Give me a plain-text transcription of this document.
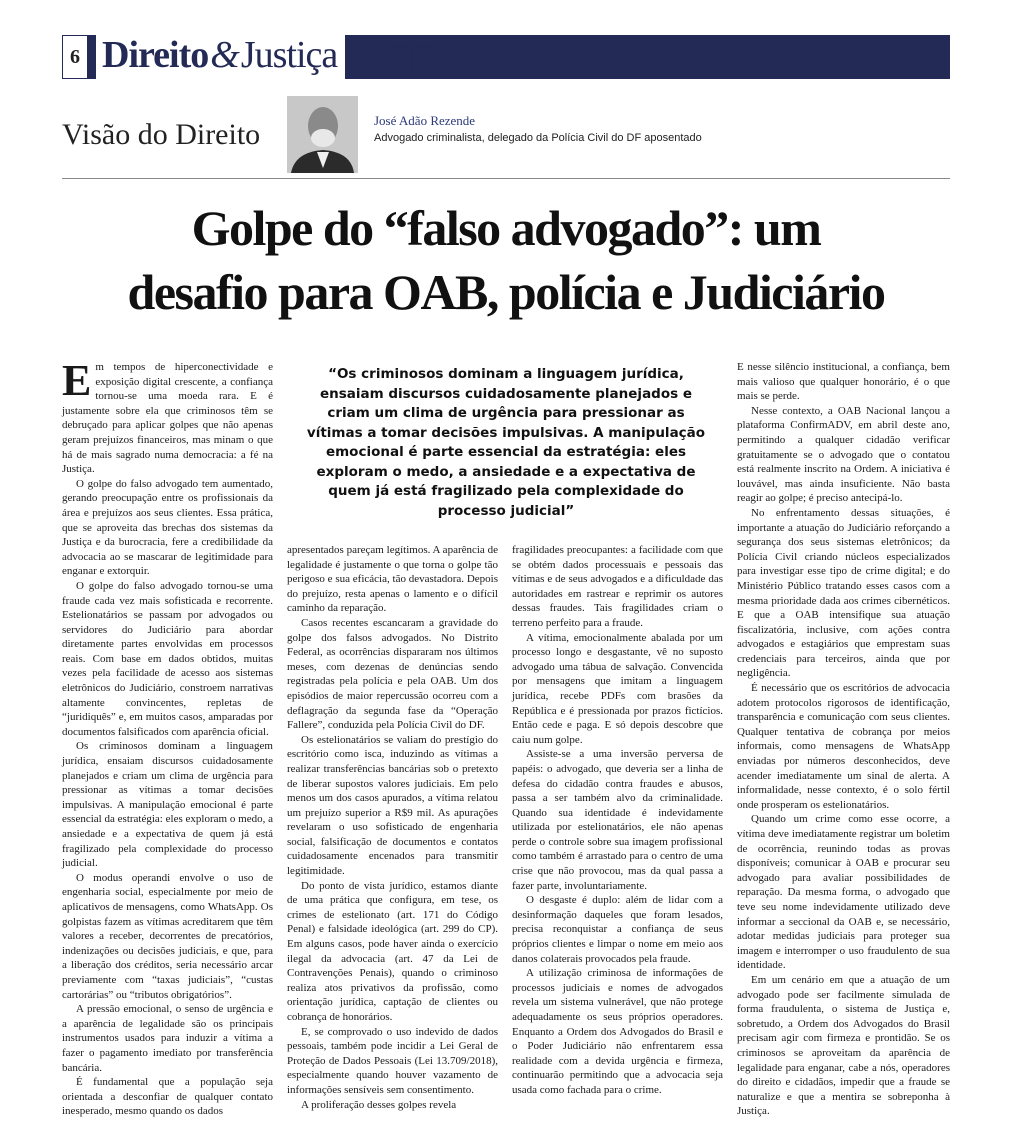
Correio Braziliense — Brasília, quinta-feira, 10 de julho de 2025
6 Direito & Justiça
Visão do Direito	José Adão Rezende
Advogado criminalista, delegado da Polícia Civil do DF aposentado
Golpe do “falso advogado”: um
desafio para OAB, polícia e Judiciário
“Os criminosos dominam a linguagem jurídica, ensaiam discursos cuidadosamente planejados e criam um clima de urgência para pressionar as vítimas a tomar decisões impulsivas. A manipulação emocional é parte essencial da estratégia: eles exploram o medo, a ansiedade e a expectativa de quem já está fragilizado pela complexidade do processo judicial”
E m tempos de hiperconectividade e exposição digital crescente, a confiança tornou-se uma moeda rara. E é justamente sobre ela que criminosos têm se debruçado para aplicar golpes que não apenas geram prejuízos financeiros, mas minam o que há de mais sagrado numa democracia: a fé na Justiça.

O golpe do falso advogado tem aumentado, gerando preocupação entre os profissionais da área e prejuízos aos seus clientes. Essa prática, que se aproveita das brechas dos sistemas da Justiça e da burocracia, fere a credibilidade da advocacia ao se mascarar de legitimidade para enganar e extorquir.

O golpe do falso advogado tornou-se uma fraude cada vez mais sofisticada e recorrente. Estelionatários se passam por advogados ou servidores do Judiciário para abordar diretamente partes envolvidas em processos reais. Com base em dados obtidos, muitas vezes pela facilidade de acesso aos sistemas eletrônicos do Judiciário, constroem narrativas altamente convincentes, repletas de “juridiquês” e, em muitos casos, amparadas por documentos falsificados com aparência oficial.

Os criminosos dominam a linguagem jurídica, ensaiam discursos cuidadosamente planejados e criam um clima de urgência para pressionar as vítimas a tomar decisões impulsivas. A manipulação emocional é parte essencial da estratégia: eles exploram o medo, a ansiedade e a expectativa de quem já está fragilizado pela complexidade do processo judicial.

O modus operandi envolve o uso de engenharia social, especialmente por meio de aplicativos de mensagens, como WhatsApp. Os golpistas fazem as vítimas acreditarem que têm valores a receber, decorrentes de precatórios, indenizações ou decisões judiciais, e que, para a liberação dos créditos, seria necessário arcar previamente com “taxas judiciais”, “custas cartorárias” ou “tributos obrigatórios”.

A pressão emocional, o senso de urgência e a aparência de legalidade são os principais instrumentos usados para induzir a vítima a fazer o pagamento imediato por transferência bancária.

É fundamental que a população seja orientada a desconfiar de qualquer contato inesperado, mesmo quando os dados

apresentados pareçam legítimos. A aparência de legalidade é justamente o que torna o golpe tão perigoso e sua eficácia, tão devastadora. Depois do prejuízo, resta apenas o lamento e o difícil caminho da reparação.

Casos recentes escancaram a gravidade do golpe dos falsos advogados. No Distrito Federal, as ocorrências dispararam nos últimos meses, com dezenas de denúncias sendo registradas pela polícia e pela OAB. Um dos episódios de maior repercussão ocorreu com a deflagração da segunda fase da “Operação Fallere”, conduzida pela Polícia Civil do DF.

Os estelionatários se valiam do prestígio do escritório como isca, induzindo as vítimas a realizar transferências bancárias sob o pretexto de liberar supostos valores judiciais. Em pelo menos um dos casos apurados, a vítima relatou um prejuízo superior a R$9 mil. As apurações revelaram o uso sofisticado de engenharia social, falsificação de documentos e contatos cuidadosamente encenados para transmitir legitimidade.

Do ponto de vista jurídico, estamos diante de uma prática que configura, em tese, os crimes de estelionato (art. 171 do Código Penal) e falsidade ideológica (art. 299 do CP). Em alguns casos, pode haver ainda o exercício ilegal da advocacia (art. 47 da Lei de Contravenções Penais), quando o criminoso realiza atos privativos da profissão, como orientação jurídica, captação de clientes ou cobrança de honorários.

E, se comprovado o uso indevido de dados pessoais, também pode incidir a Lei Geral de Proteção de Dados Pessoais (Lei 13.709/2018), especialmente quando houver vazamento de informações sensíveis sem consentimento.

A proliferação desses golpes revela

fragilidades preocupantes: a facilidade com que se obtém dados processuais e pessoais das vítimas e de seus advogados e a dificuldade das autoridades em rastrear e reprimir os autores dessas fraudes. Tais fragilidades criam o terreno perfeito para a fraude.

A vítima, emocionalmente abalada por um processo longo e desgastante, vê no suposto advogado uma tábua de salvação. Convencida por mensagens que imitam a linguagem jurídica, recebe PDFs com brasões da República e é pressionada por prazos fictícios. Então cede e paga. E só depois descobre que caiu num golpe.

Assiste-se a uma inversão perversa de papéis: o advogado, que deveria ser a linha de defesa do cidadão contra fraudes e abusos, passa a ser também alvo da criminalidade. Quando sua identidade é indevidamente utilizada por estelionatários, ele não apenas perde o controle sobre sua imagem profissional como também é arrastado para o centro de uma crise que não provocou, mas da qual passa a fazer parte, involuntariamente.

O desgaste é duplo: além de lidar com a desinformação daqueles que foram lesados, precisa reconquistar a confiança de seus próprios clientes e limpar o nome em meio aos danos colaterais provocados pela fraude.

A utilização criminosa de informações de processos judiciais e nomes de advogados revela um sistema vulnerável, que não protege adequadamente os seus próprios operadores. Enquanto a Ordem dos Advogados do Brasil e o Poder Judiciário não enfrentarem essa realidade com a devida urgência e firmeza, continuarão permitindo que a advocacia seja usada como fachada para o crime.

E nesse silêncio institucional, a confiança, bem mais valioso que qualquer honorário, é o que mais se perde.

Nesse contexto, a OAB Nacional lançou a plataforma ConfirmADV, em abril deste ano, permitindo a qualquer cidadão verificar gratuitamente se o advogado que o contatou está realmente inscrito na Ordem. A iniciativa é louvável, mas ainda insuficiente. Não basta reagir ao golpe; é preciso antecipá-lo.

No enfrentamento dessas situações, é importante a atuação do Judiciário reforçando a segurança dos seus sistemas eletrônicos; da Polícia Civil criando núcleos especializados para investigar esse tipo de crime digital; e do Ministério Público tratando esses casos com a mesma prioridade dada aos crimes cibernéticos. E que a OAB intensifique sua atuação fiscalizatória, inclusive, com ações contra advogados e estagiários que emprestam suas credenciais para terceiros, ainda que por negligência.

É necessário que os escritórios de advocacia adotem protocolos rigorosos de identificação, transparência e comunicação com seus clientes. Qualquer tentativa de cobrança por meios informais, como mensagens de WhatsApp enviadas por números desconhecidos, deve acender imediatamente um sinal de alerta. A informalidade, nesse contexto, é o solo fértil onde prosperam os estelionatários.

Quando um crime como esse ocorre, a vítima deve imediatamente registrar um boletim de ocorrência, reunindo todas as provas disponíveis; comunicar à OAB e procurar seu advogado para avaliar possibilidades de reparação. Da mesma forma, o advogado que teve seu nome indevidamente utilizado deve informar a seccional da OAB e, se necessário, adotar medidas judiciais para proteger sua imagem e interromper o uso fraudulento de sua identidade.

Em um cenário em que a atuação de um advogado pode ser facilmente simulada de forma fraudulenta, o sistema de Justiça e, sobretudo, a Ordem dos Advogados do Brasil precisam agir com firmeza e prontidão. Se os criminosos se aproveitam da aparência de legalidade para enganar, cabe a nós, operadores do direito e cidadãos, impedir que a fraude se naturalize e que a mentira se sobreponha à Justiça.
